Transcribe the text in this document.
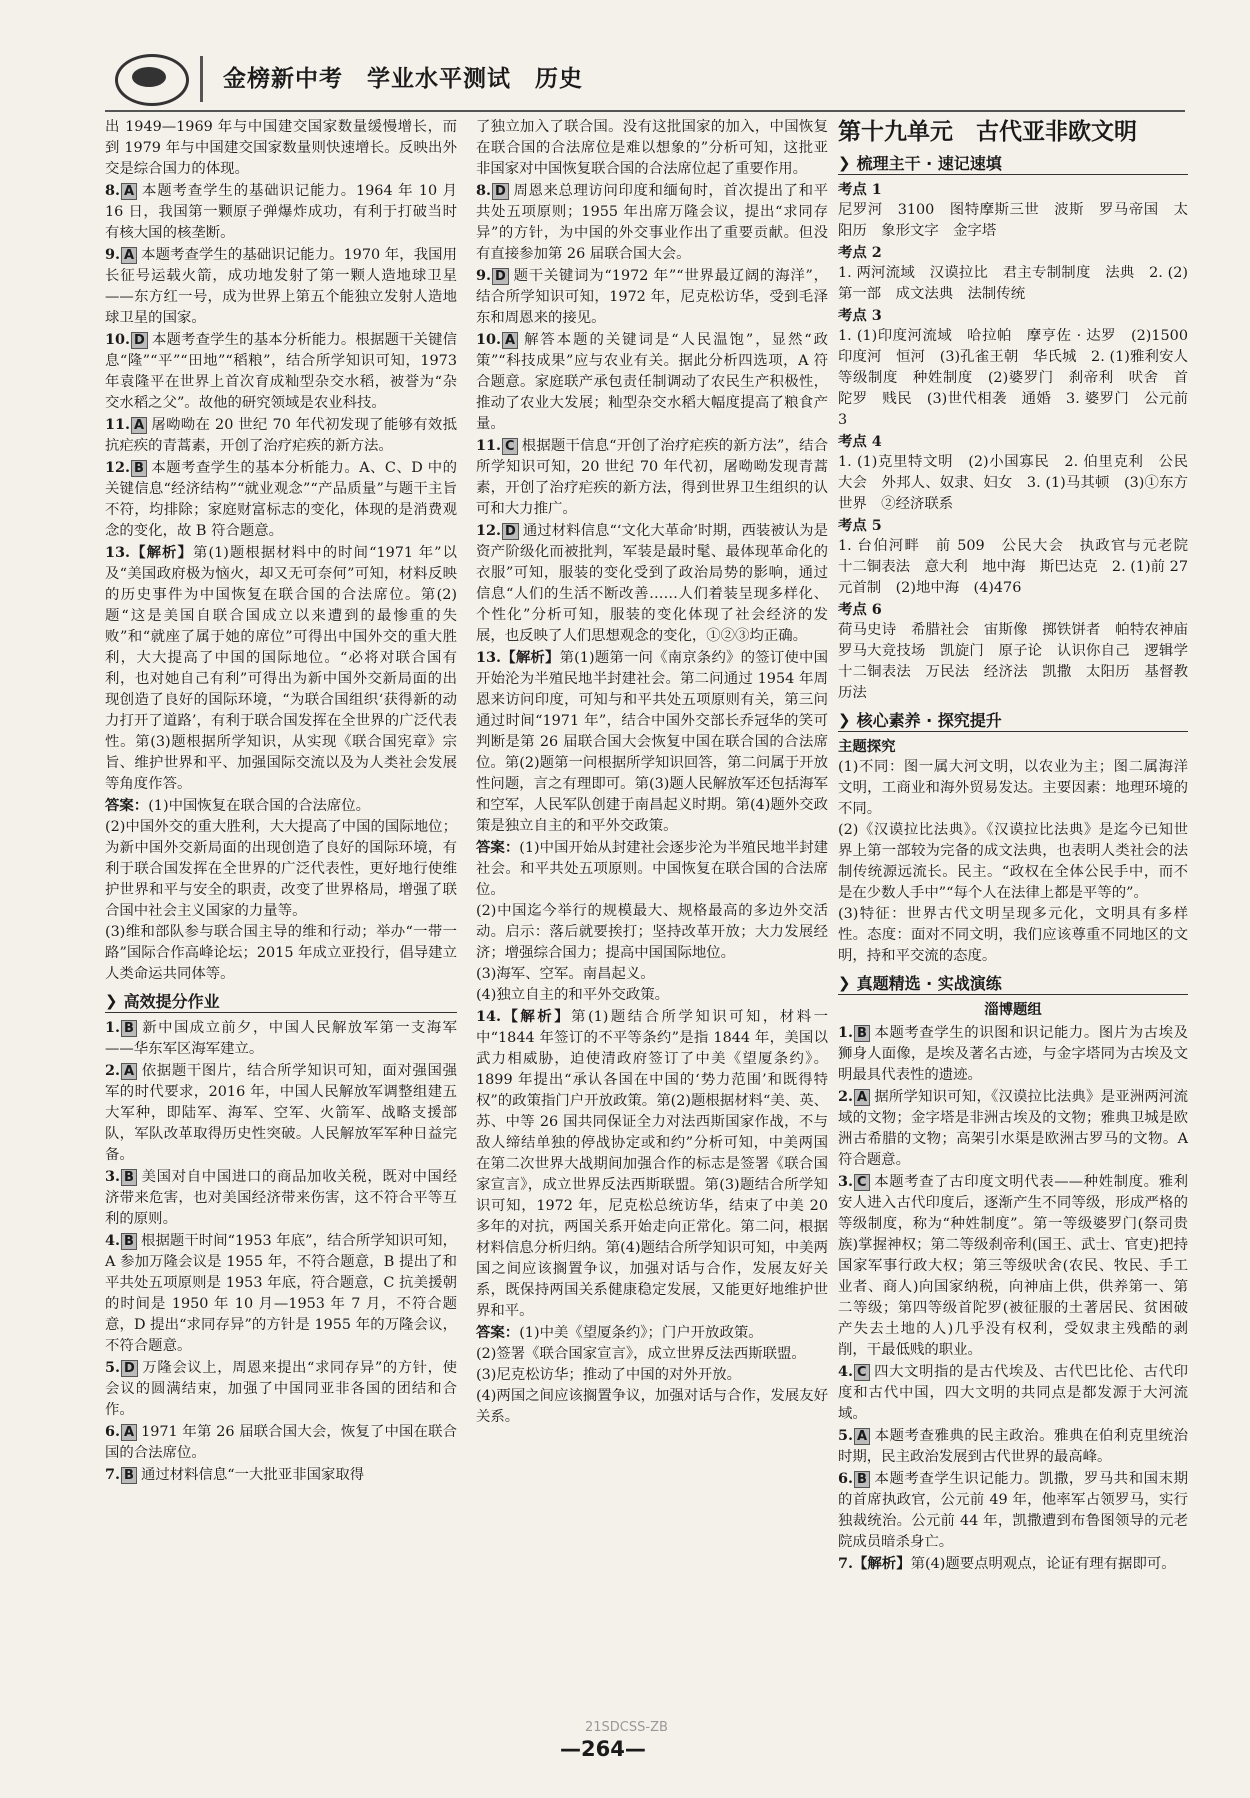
金榜新中考　学业水平测试　历史

出 1949—1969 年与中国建交国家数量缓慢增长，而到 1979 年与中国建交国家数量则快速增长。反映出外交是综合国力的体现。

8. A 本题考查学生的基础识记能力。1964 年 10 月 16 日，我国第一颗原子弹爆炸成功，有利于打破当时有核大国的核垄断。

9. A 本题考查学生的基础识记能力。1970 年，我国用长征号运载火箭，成功地发射了第一颗人造地球卫星——东方红一号，成为世界上第五个能独立发射人造地球卫星的国家。

10. D 本题考查学生的基本分析能力。根据题干关键信息“隆”“平”“田地”“稻粮”，结合所学知识可知，1973 年袁隆平在世界上首次育成籼型杂交水稻，被誉为“杂交水稻之父”。故他的研究领域是农业科技。

11. A 屠呦呦在 20 世纪 70 年代初发现了能够有效抵抗疟疾的青蒿素，开创了治疗疟疾的新方法。

12. B 本题考查学生的基本分析能力。A、C、D 中的关键信息“经济结构”“就业观念”“产品质量”与题干主旨不符，均排除；家庭财富标志的变化，体现的是消费观念的变化，故 B 符合题意。

13.【解析】第(1)题根据材料中的时间“1971 年”以及“美国政府极为恼火，却又无可奈何”可知，材料反映的历史事件为中国恢复在联合国的合法席位。第(2)题“这是美国自联合国成立以来遭到的最惨重的失败”和“就座了属于她的席位”可得出中国外交的重大胜利，大大提高了中国的国际地位。“必将对联合国有利，也对她自己有利”可得出为新中国外交新局面的出现创造了良好的国际环境，“为联合国组织‘获得新的动力打开了道路’，有利于联合国发挥在全世界的广泛代表性。第(3)题根据所学知识，从实现《联合国宪章》宗旨、维护世界和平、加强国际交流以及为人类社会发展等角度作答。

答案：(1)中国恢复在联合国的合法席位。

(2)中国外交的重大胜利，大大提高了中国的国际地位；为新中国外交新局面的出现创造了良好的国际环境，有利于联合国发挥在全世界的广泛代表性，更好地行使维护世界和平与安全的职责，改变了世界格局，增强了联合国中社会主义国家的力量等。

(3)维和部队参与联合国主导的维和行动；举办“一带一路”国际合作高峰论坛；2015 年成立亚投行，倡导建立人类命运共同体等。

❯ 高效提分作业

1. B 新中国成立前夕，中国人民解放军第一支海军——华东军区海军建立。

2. A 依据题干图片，结合所学知识可知，面对强国强军的时代要求，2016 年，中国人民解放军调整组建五大军种，即陆军、海军、空军、火箭军、战略支援部队，军队改革取得历史性突破。人民解放军军种日益完备。

3. B 美国对自中国进口的商品加收关税，既对中国经济带来危害，也对美国经济带来伤害，这不符合平等互利的原则。

4. B 根据题干时间“1953 年底”，结合所学知识可知，A 参加万隆会议是 1955 年，不符合题意，B 提出了和平共处五项原则是 1953 年底，符合题意，C 抗美援朝的时间是 1950 年 10 月—1953 年 7 月，不符合题意，D 提出“求同存异”的方针是 1955 年的万隆会议，不符合题意。

5. D 万隆会议上，周恩来提出“求同存异”的方针，使会议的圆满结束，加强了中国同亚非各国的团结和合作。

6. A 1971 年第 26 届联合国大会，恢复了中国在联合国的合法席位。

7. B 通过材料信息“一大批亚非国家取得

了独立加入了联合国。没有这批国家的加入，中国恢复在联合国的合法席位是难以想象的”分析可知，这批亚非国家对中国恢复联合国的合法席位起了重要作用。

8. D 周恩来总理访问印度和缅甸时，首次提出了和平共处五项原则；1955 年出席万隆会议，提出“求同存异”的方针，为中国的外交事业作出了重要贡献。但没有直接参加第 26 届联合国大会。

9. D 题干关键词为“1972 年”“世界最辽阔的海洋”，结合所学知识可知，1972 年，尼克松访华，受到毛泽东和周恩来的接见。

10. A 解答本题的关键词是“人民温饱”，显然“政策”“科技成果”应与农业有关。据此分析四选项，A 符合题意。家庭联产承包责任制调动了农民生产积极性，推动了农业大发展；籼型杂交水稻大幅度提高了粮食产量。

11. C 根据题干信息“开创了治疗疟疾的新方法”，结合所学知识可知，20 世纪 70 年代初，屠呦呦发现青蒿素，开创了治疗疟疾的新方法，得到世界卫生组织的认可和大力推广。

12. D 通过材料信息“‘文化大革命’时期，西装被认为是资产阶级化而被批判，军装是最时髦、最体现革命化的衣服”可知，服装的变化受到了政治局势的影响，通过信息“人们的生活不断改善……人们着装呈现多样化、个性化”分析可知，服装的变化体现了社会经济的发展，也反映了人们思想观念的变化，①②③均正确。

13.【解析】第(1)题第一问《南京条约》的签订使中国开始沦为半殖民地半封建社会。第二问通过 1954 年周恩来访问印度，可知与和平共处五项原则有关，第三问通过时间“1971 年”，结合中国外交部长乔冠华的笑可判断是第 26 届联合国大会恢复中国在联合国的合法席位。第(2)题第一问根据所学知识回答，第二问属于开放性问题，言之有理即可。第(3)题人民解放军还包括海军和空军，人民军队创建于南昌起义时期。第(4)题外交政策是独立自主的和平外交政策。

答案：(1)中国开始从封建社会逐步沦为半殖民地半封建社会。和平共处五项原则。中国恢复在联合国的合法席位。

(2)中国迄今举行的规模最大、规格最高的多边外交活动。启示：落后就要挨打；坚持改革开放；大力发展经济；增强综合国力；提高中国国际地位。

(3)海军、空军。南昌起义。

(4)独立自主的和平外交政策。

14.【解析】第(1)题结合所学知识可知，材料一中“1844 年签订的不平等条约”是指 1844 年，美国以武力相威胁，迫使清政府签订了中美《望厦条约》。1899 年提出“承认各国在中国的‘势力范围’和既得特权”的政策指门户开放政策。第(2)题根据材料“美、英、苏、中等 26 国共同保证全力对法西斯国家作战，不与敌人缔结单独的停战协定或和约”分析可知，中美两国在第二次世界大战期间加强合作的标志是签署《联合国家宣言》，成立世界反法西斯联盟。第(3)题结合所学知识可知，1972 年，尼克松总统访华，结束了中美 20 多年的对抗，两国关系开始走向正常化。第二问，根据材料信息分析归纳。第(4)题结合所学知识可知，中美两国之间应该搁置争议，加强对话与合作，发展友好关系，既保持两国关系健康稳定发展，又能更好地维护世界和平。

答案：(1)中美《望厦条约》；门户开放政策。

(2)签署《联合国家宣言》，成立世界反法西斯联盟。

(3)尼克松访华；推动了中国的对外开放。

(4)两国之间应该搁置争议，加强对话与合作，发展友好关系。

第十九单元　古代亚非欧文明
❯ 梳理主干 · 速记速填

考点 1

尼罗河　3100　图特摩斯三世　波斯　罗马帝国　太阳历　象形文字　金字塔

考点 2

1. 两河流域　汉谟拉比　君主专制制度　法典　2. (2)第一部　成文法典　法制传统

考点 3

1. (1)印度河流域　哈拉帕　摩亨佐 · 达罗　(2)1500　印度河　恒河　(3)孔雀王朝　华氏城　2. (1)雅利安人　等级制度　种姓制度　(2)婆罗门　刹帝利　吠舍　首陀罗　贱民　(3)世代相袭　通婚　3. 婆罗门　公元前 3

考点 4

1. (1)克里特文明　(2)小国寡民　2. 伯里克利　公民大会　外邦人、奴隶、妇女　3. (1)马其顿　(3)①东方世界　②经济联系

考点 5

1. 台伯河畔　前 509　公民大会　执政官与元老院　十二铜表法　意大利　地中海　斯巴达克　2. (1)前 27　元首制　(2)地中海　(4)476

考点 6

荷马史诗　希腊社会　宙斯像　掷铁饼者　帕特农神庙　罗马大竞技场　凯旋门　原子论　认识你自己　逻辑学　十二铜表法　万民法　经济法　凯撒　太阳历　基督教历法

❯ 核心素养 · 探究提升

主题探究

(1)不同：图一属大河文明，以农业为主；图二属海洋文明，工商业和海外贸易发达。主要因素：地理环境的不同。

(2)《汉谟拉比法典》。《汉谟拉比法典》是迄今已知世界上第一部较为完备的成文法典，也表明人类社会的法制传统源远流长。民主。“政权在全体公民手中，而不是在少数人手中”“每个人在法律上都是平等的”。

(3)特征：世界古代文明呈现多元化，文明具有多样性。态度：面对不同文明，我们应该尊重不同地区的文明，持和平交流的态度。

❯ 真题精选 · 实战演练

淄博题组

1. B 本题考查学生的识图和识记能力。图片为古埃及狮身人面像，是埃及著名古迹，与金字塔同为古埃及文明最具代表性的遗迹。

2. A 据所学知识可知，《汉谟拉比法典》是亚洲两河流域的文物；金字塔是非洲古埃及的文物；雅典卫城是欧洲古希腊的文物；高架引水渠是欧洲古罗马的文物。A 符合题意。

3. C 本题考查了古印度文明代表——种姓制度。雅利安人进入古代印度后，逐渐产生不同等级，形成严格的等级制度，称为“种姓制度”。第一等级婆罗门(祭司贵族)掌握神权；第二等级刹帝利(国王、武士、官吏)把持国家军事行政大权；第三等级吠舍(农民、牧民、手工业者、商人)向国家纳税，向神庙上供，供养第一、第二等级；第四等级首陀罗(被征服的土著居民、贫困破产失去土地的人)几乎没有权利，受奴隶主残酷的剥削，干最低贱的职业。

4. C 四大文明指的是古代埃及、古代巴比伦、古代印度和古代中国，四大文明的共同点是都发源于大河流域。

5. A 本题考查雅典的民主政治。雅典在伯利克里统治时期，民主政治发展到古代世界的最高峰。

6. B 本题考查学生识记能力。凯撒，罗马共和国末期的首席执政官，公元前 49 年，他率军占领罗马，实行独裁统治。公元前 44 年，凯撒遭到布鲁图领导的元老院成员暗杀身亡。

7.【解析】第(4)题要点明观点，论证有理有据即可。

21SDCSS-ZB
—264—
